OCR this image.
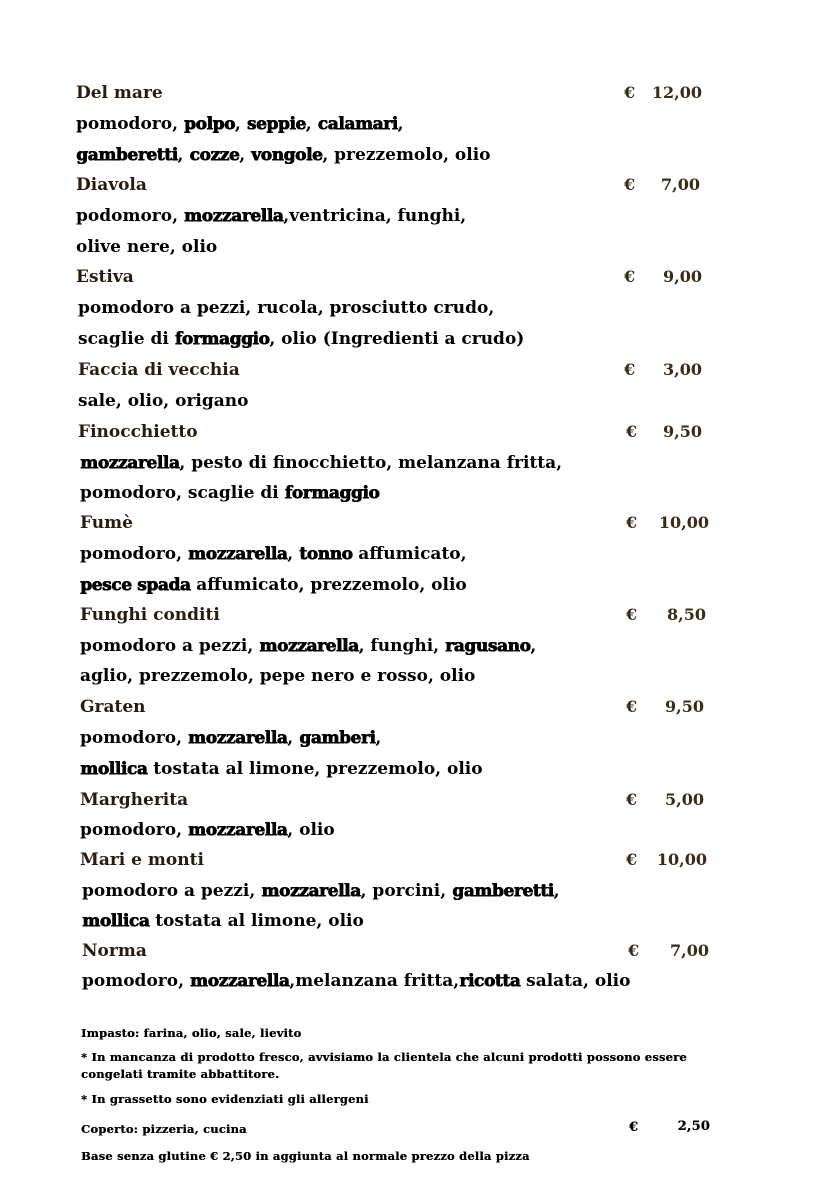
Del mare	€	12,00
pomodoro, polpo, seppie, calamari,
gamberetti, cozze, vongole, prezzemolo, olio
Diavola	€	7,00
podomoro, mozzarella,ventricina, funghi,
olive nere, olio
Estiva	€	9,00
pomodoro a pezzi, rucola, prosciutto crudo,
scaglie di formaggio, olio (Ingredienti a crudo)
Faccia di vecchia	€	3,00
sale, olio, origano
Finocchietto	€	9,50
mozzarella, pesto di finocchietto, melanzana fritta,
pomodoro, scaglie di formaggio
Fumè	€	10,00
pomodoro, mozzarella, tonno affumicato,
pesce spada affumicato, prezzemolo, olio
Funghi conditi	€	8,50
pomodoro a pezzi, mozzarella, funghi, ragusano,
aglio, prezzemolo, pepe nero e rosso, olio
Graten	€	9,50
pomodoro, mozzarella, gamberi,
mollica tostata al limone, prezzemolo, olio
Margherita	€	5,00
pomodoro, mozzarella, olio
Mari e monti	€	10,00
pomodoro a pezzi, mozzarella, porcini, gamberetti,
mollica tostata al limone, olio
Norma	€	7,00
pomodoro, mozzarella,melanzana fritta,ricotta salata, olio
Impasto: farina, olio, sale, lievito
* In mancanza di prodotto fresco, avvisiamo la clientela che alcuni prodotti possono essere
congelati tramite abbattitore.
* In grassetto sono evidenziati gli allergeni
Coperto: pizzeria, cucina	€	2,50
Base senza glutine € 2,50 in aggiunta al normale prezzo della pizza
